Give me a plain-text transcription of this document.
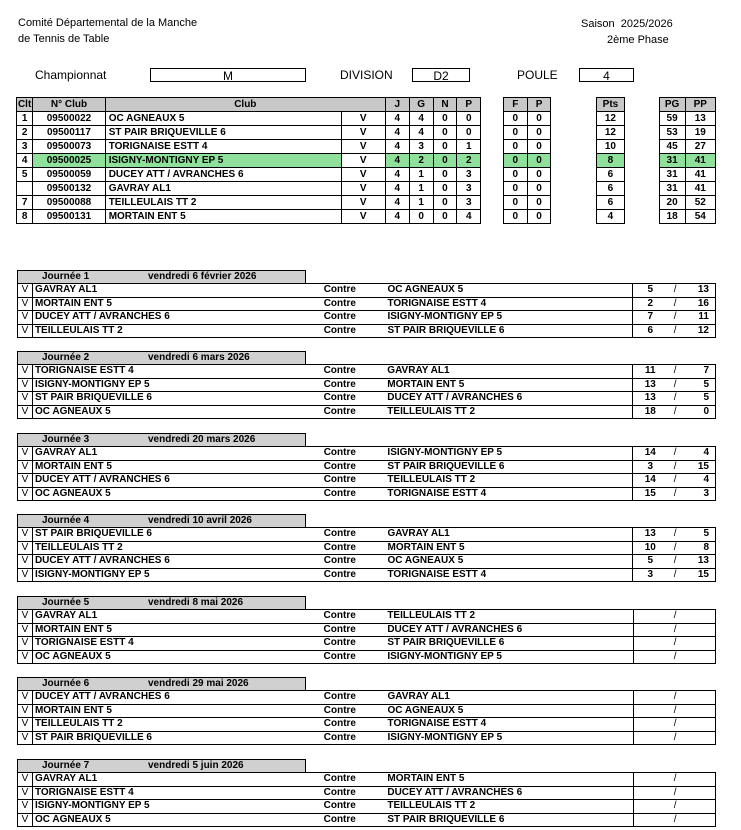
Comité Départemental de la Manche
de Tennis de Table
Saison  2025/2026
2ème Phase
Championnat	M	DIVISION	D2	POULE	4
Clt	N° Club	Club		J	G	N	P		F	P		Pts		PG	PP
1	09500022	OC AGNEAUX 5	V	4	4	0	0		0	0		12		59	13
2	09500117	ST PAIR BRIQUEVILLE 6	V	4	4	0	0		0	0		12		53	19
3	09500073	TORIGNAISE ESTT 4	V	4	3	0	1		0	0		10		45	27
4	09500025	ISIGNY-MONTIGNY EP 5	V	4	2	0	2		0	0		8		31	41
5	09500059	DUCEY ATT / AVRANCHES 6	V	4	1	0	3		0	0		6		31	41
	09500132	GAVRAY AL1	V	4	1	0	3		0	0		6		31	41
7	09500088	TEILLEULAIS TT 2	V	4	1	0	3		0	0		6		20	52
8	09500131	MORTAIN ENT 5	V	4	0	0	4		0	0		4		18	54
Journée 1	vendredi 6 février 2026
V	GAVRAY AL1	Contre	OC AGNEAUX 5	5	/	13
V	MORTAIN ENT 5	Contre	TORIGNAISE ESTT 4	2	/	16
V	DUCEY ATT / AVRANCHES 6	Contre	ISIGNY-MONTIGNY EP 5	7	/	11
V	TEILLEULAIS TT 2	Contre	ST PAIR BRIQUEVILLE 6	6	/	12
Journée 2	vendredi 6 mars 2026
V	TORIGNAISE ESTT 4	Contre	GAVRAY AL1	11	/	7
V	ISIGNY-MONTIGNY EP 5	Contre	MORTAIN ENT 5	13	/	5
V	ST PAIR BRIQUEVILLE 6	Contre	DUCEY ATT / AVRANCHES 6	13	/	5
V	OC AGNEAUX 5	Contre	TEILLEULAIS TT 2	18	/	0
Journée 3	vendredi 20 mars 2026
V	GAVRAY AL1	Contre	ISIGNY-MONTIGNY EP 5	14	/	4
V	MORTAIN ENT 5	Contre	ST PAIR BRIQUEVILLE 6	3	/	15
V	DUCEY ATT / AVRANCHES 6	Contre	TEILLEULAIS TT 2	14	/	4
V	OC AGNEAUX 5	Contre	TORIGNAISE ESTT 4	15	/	3
Journée 4	vendredi 10 avril 2026
V	ST PAIR BRIQUEVILLE 6	Contre	GAVRAY AL1	13	/	5
V	TEILLEULAIS TT 2	Contre	MORTAIN ENT 5	10	/	8
V	DUCEY ATT / AVRANCHES 6	Contre	OC AGNEAUX 5	5	/	13
V	ISIGNY-MONTIGNY EP 5	Contre	TORIGNAISE ESTT 4	3	/	15
Journée 5	vendredi 8 mai 2026
V	GAVRAY AL1	Contre	TEILLEULAIS TT 2		/	
V	MORTAIN ENT 5	Contre	DUCEY ATT / AVRANCHES 6		/	
V	TORIGNAISE ESTT 4	Contre	ST PAIR BRIQUEVILLE 6		/	
V	OC AGNEAUX 5	Contre	ISIGNY-MONTIGNY EP 5		/	
Journée 6	vendredi 29 mai 2026
V	DUCEY ATT / AVRANCHES 6	Contre	GAVRAY AL1		/	
V	MORTAIN ENT 5	Contre	OC AGNEAUX 5		/	
V	TEILLEULAIS TT 2	Contre	TORIGNAISE ESTT 4		/	
V	ST PAIR BRIQUEVILLE 6	Contre	ISIGNY-MONTIGNY EP 5		/	
Journée 7	vendredi 5 juin 2026
V	GAVRAY AL1	Contre	MORTAIN ENT 5		/	
V	TORIGNAISE ESTT 4	Contre	DUCEY ATT / AVRANCHES 6		/	
V	ISIGNY-MONTIGNY EP 5	Contre	TEILLEULAIS TT 2		/	
V	OC AGNEAUX 5	Contre	ST PAIR BRIQUEVILLE 6		/	
